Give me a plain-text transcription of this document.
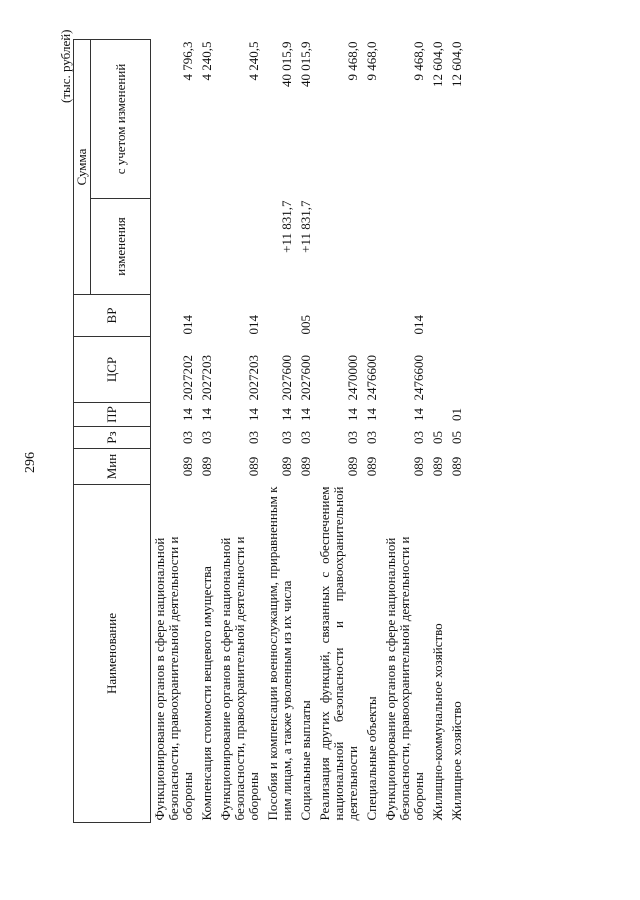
296
(тыс. рублей)
Наименование	Мин	Рз	ПР	ЦСР	ВР	Сумма	
						изменения	с учетом изменений
Функционирование органов в сфере национальной безопасности, правоохранительной деятельности и обороны	089	03	14	2027202	014		4 796,3
Компенсация стоимости вещевого имущества	089	03	14	2027203			4 240,5
Функционирование органов в сфере национальной безопасности, правоохранительной деятельности и обороны	089	03	14	2027203	014		4 240,5
Пособия и компенсации военнослужащим, приравненным к ним лицам, а также уволенным из их числа	089	03	14	2027600		+11 831,7	40 015,9
Социальные выплаты	089	03	14	2027600	005	+11 831,7	40 015,9
Реализация других функций, связанных с обеспечением национальной безопасности и правоохранительной деятельности	089	03	14	2470000			9 468,0
Специальные объекты	089	03	14	2476600			9 468,0
Функционирование органов в сфере национальной безопасности, правоохранительной деятельности и обороны	089	03	14	2476600	014		9 468,0
Жилищно-коммунальное хозяйство	089	05					12 604,0
Жилищное хозяйство	089	05	01				12 604,0
